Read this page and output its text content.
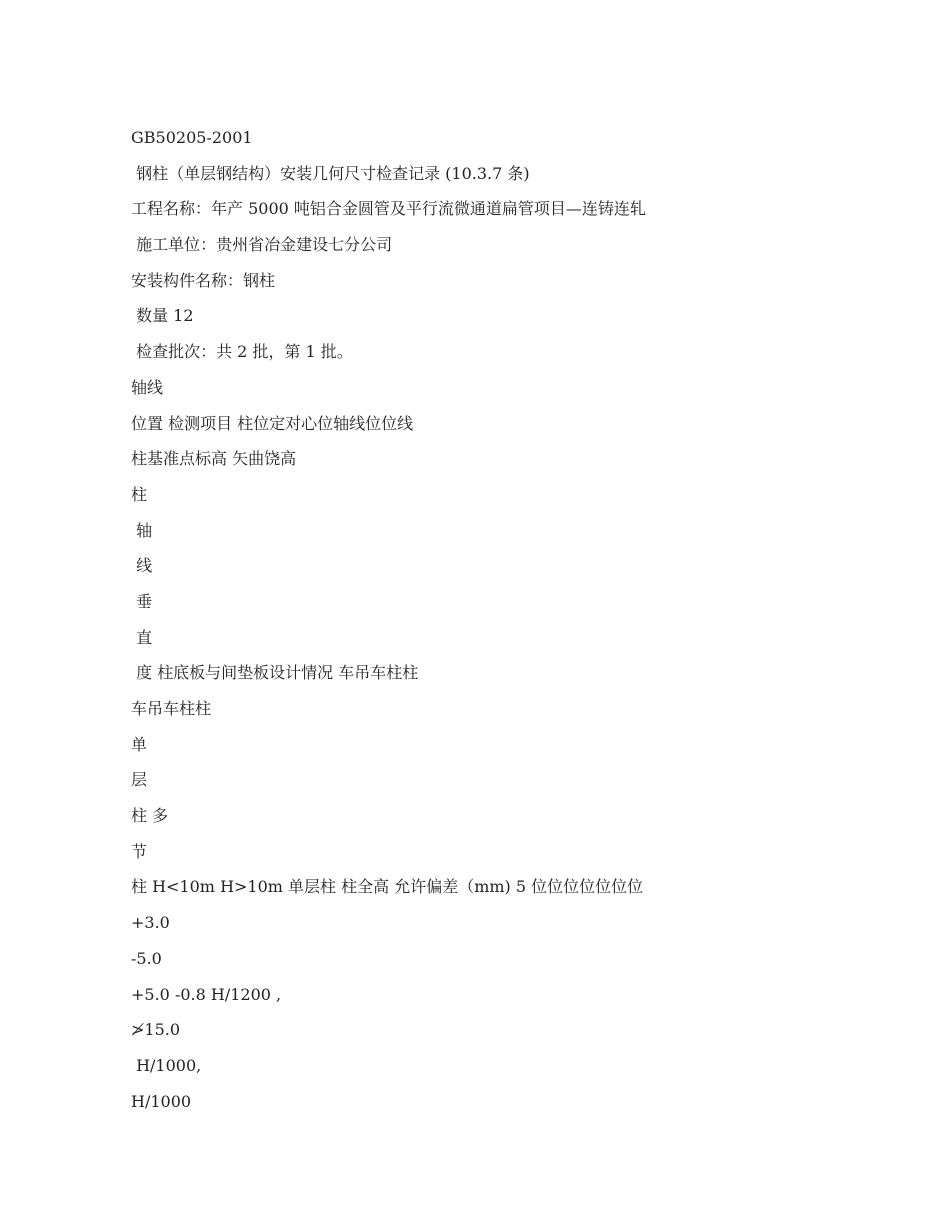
GB50205-2001
钢柱（单层钢结构）安装几何尺寸检查记录 (10.3.7 条)
工程名称：年产 5000 吨铝合金圆管及平行流微通道扁管项目—连铸连轧
施工单位：贵州省冶金建设七分公司
安装构件名称：钢柱
数量 12
检查批次：共 2 批，第 1 批。
轴线
位置 检测项目 柱位定对心位轴线位位线
柱基准点标高 矢曲饶高
柱
轴
线
垂
直
度 柱底板与间垫板设计情况 车吊车柱柱
车吊车柱柱
单
层
柱 多
节
柱 H<10m H>10m 单层柱 柱全高 允许偏差（mm) 5 位位位位位位位
+3.0
-5.0
+5.0 -0.8 H/1200 ,
≯15.0
H/1000,
H/1000
